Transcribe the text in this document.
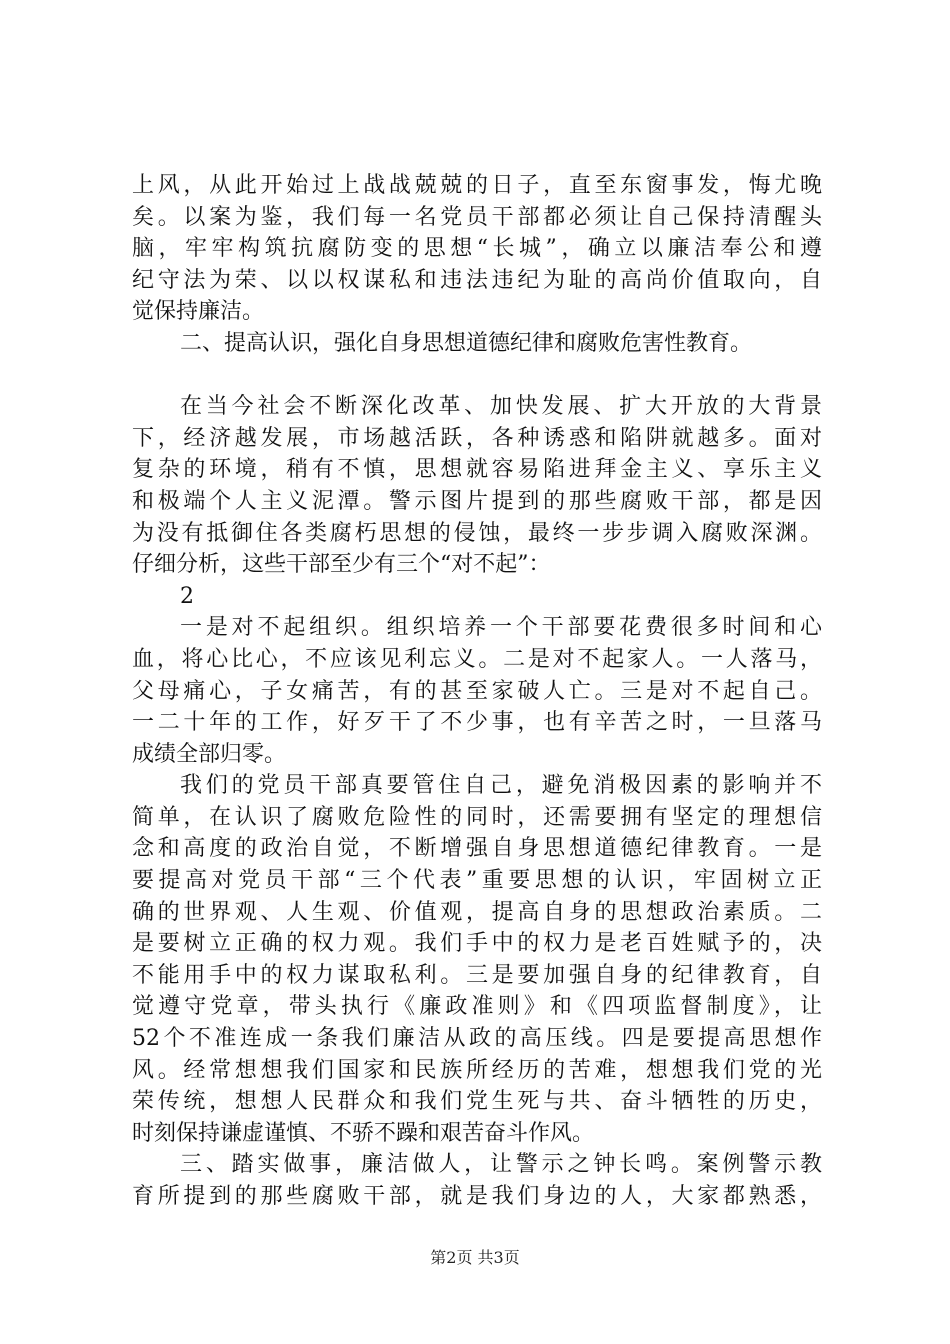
上风，从此开始过上战战兢兢的日子，直至东窗事发，悔尤晚
矣。以案为鉴，我们每一名党员干部都必须让自己保持清醒头
脑，牢牢构筑抗腐防变的思想“长城”，确立以廉洁奉公和遵
纪守法为荣、以以权谋私和违法违纪为耻的高尚价值取向，自
觉保持廉洁。
二、提高认识，强化自身思想道德纪律和腐败危害性教育。
在当今社会不断深化改革、加快发展、扩大开放的大背景
下，经济越发展，市场越活跃，各种诱惑和陷阱就越多。面对
复杂的环境，稍有不慎，思想就容易陷进拜金主义、享乐主义
和极端个人主义泥潭。警示图片提到的那些腐败干部，都是因
为没有抵御住各类腐朽思想的侵蚀，最终一步步调入腐败深渊。
仔细分析，这些干部至少有三个“对不起”：
2
一是对不起组织。组织培养一个干部要花费很多时间和心
血，将心比心，不应该见利忘义。二是对不起家人。一人落马，
父母痛心，子女痛苦，有的甚至家破人亡。三是对不起自己。
一二十年的工作，好歹干了不少事，也有辛苦之时，一旦落马
成绩全部归零。
我们的党员干部真要管住自己，避免消极因素的影响并不
简单，在认识了腐败危险性的同时，还需要拥有坚定的理想信
念和高度的政治自觉，不断增强自身思想道德纪律教育。一是
要提高对党员干部“三个代表”重要思想的认识，牢固树立正
确的世界观、人生观、价值观，提高自身的思想政治素质。二
是要树立正确的权力观。我们手中的权力是老百姓赋予的，决
不能用手中的权力谋取私利。三是要加强自身的纪律教育，自
觉遵守党章，带头执行《廉政准则》和《四项监督制度》，让
52个不准连成一条我们廉洁从政的高压线。四是要提高思想作
风。经常想想我们国家和民族所经历的苦难，想想我们党的光
荣传统，想想人民群众和我们党生死与共、奋斗牺牲的历史，
时刻保持谦虚谨慎、不骄不躁和艰苦奋斗作风。
三、踏实做事，廉洁做人，让警示之钟长鸣。案例警示教
育所提到的那些腐败干部，就是我们身边的人，大家都熟悉，
第2页 共3页
